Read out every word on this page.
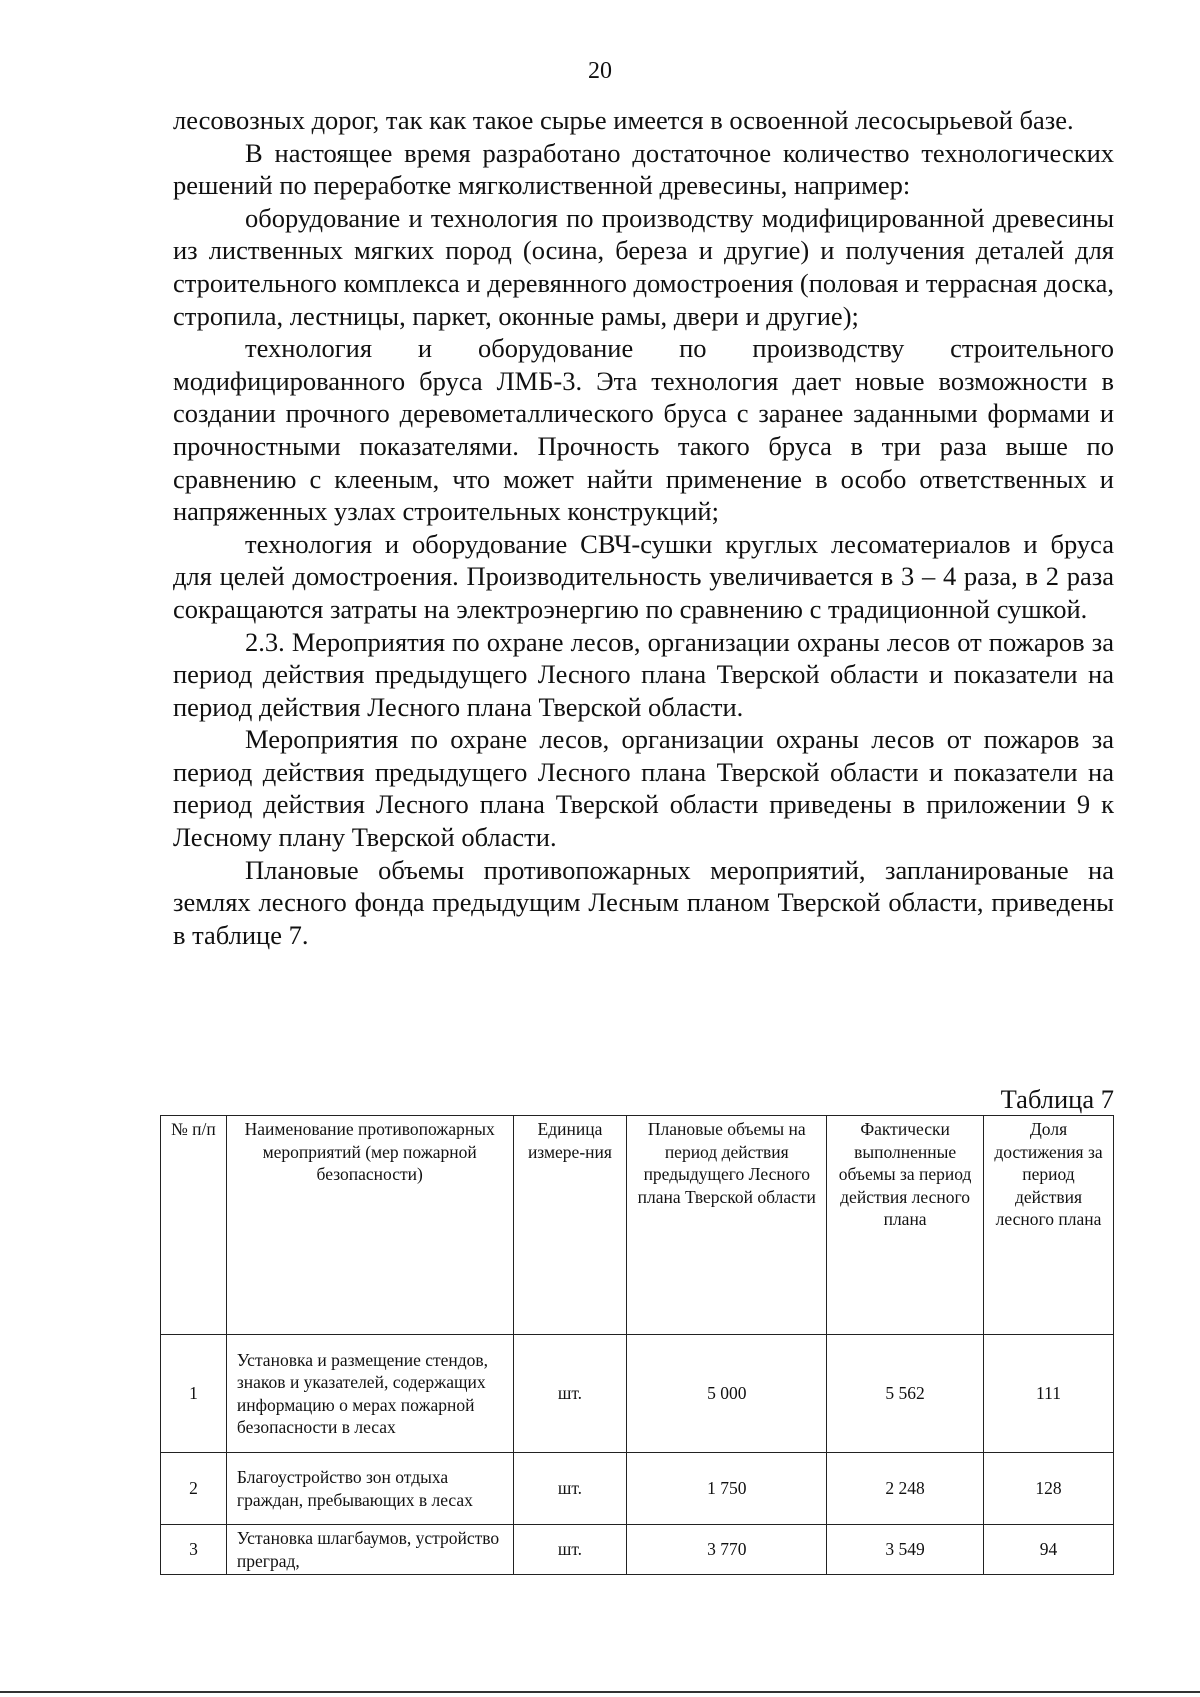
20

лесовозных дорог, так как такое сырье имеется в освоенной лесосырьевой базе.

В настоящее время разработано достаточное количество технологических решений по переработке мягколиственной древесины, например:

оборудование и технология по производству модифицированной древесины из лиственных мягких пород (осина, береза и другие) и получения деталей для строительного комплекса и деревянного домостроения (половая и террасная доска, стропила, лестницы, паркет, оконные рамы, двери и другие);

технология и оборудование по производству строительного модифицированного бруса ЛМБ-3. Эта технология дает новые возможности в создании прочного деревометаллического бруса с заранее заданными формами и прочностными показателями. Прочность такого бруса в три раза выше по сравнению с клееным, что может найти применение в особо ответственных и напряженных узлах строительных конструкций;

технология и оборудование СВЧ-сушки круглых лесоматериалов и бруса для целей домостроения. Производительность увеличивается в 3 – 4 раза, в 2 раза сокращаются затраты на электроэнергию по сравнению с традиционной сушкой.

2.3. Мероприятия по охране лесов, организации охраны лесов от пожаров за период действия предыдущего Лесного плана Тверской области и показатели на период действия Лесного плана Тверской области.

Мероприятия по охране лесов, организации охраны лесов от пожаров за период действия предыдущего Лесного плана Тверской области и показатели на период действия Лесного плана Тверской области приведены в приложении 9 к Лесному плану Тверской области.

Плановые объемы противопожарных мероприятий, запланированые на землях лесного фонда предыдущим Лесным планом Тверской области, приведены в таблице 7.

Таблица 7
№ п/п	Наименование противопожарных мероприятий (мер пожарной безопасности)	Единица измере-ния	Плановые объемы на период действия предыдущего Лесного плана Тверской области	Фактически выполненные объемы за период действия лесного плана	Доля достижения за период действия лесного плана
1	Установка и размещение стендов, знаков и указателей, содержащих информацию о мерах пожарной безопасности в лесах	шт.	5 000	5 562	111
2	Благоустройство зон отдыха граждан, пребывающих в лесах	шт.	1 750	2 248	128
3	Установка шлагбаумов, устройство преград,	шт.	3 770	3 549	94
